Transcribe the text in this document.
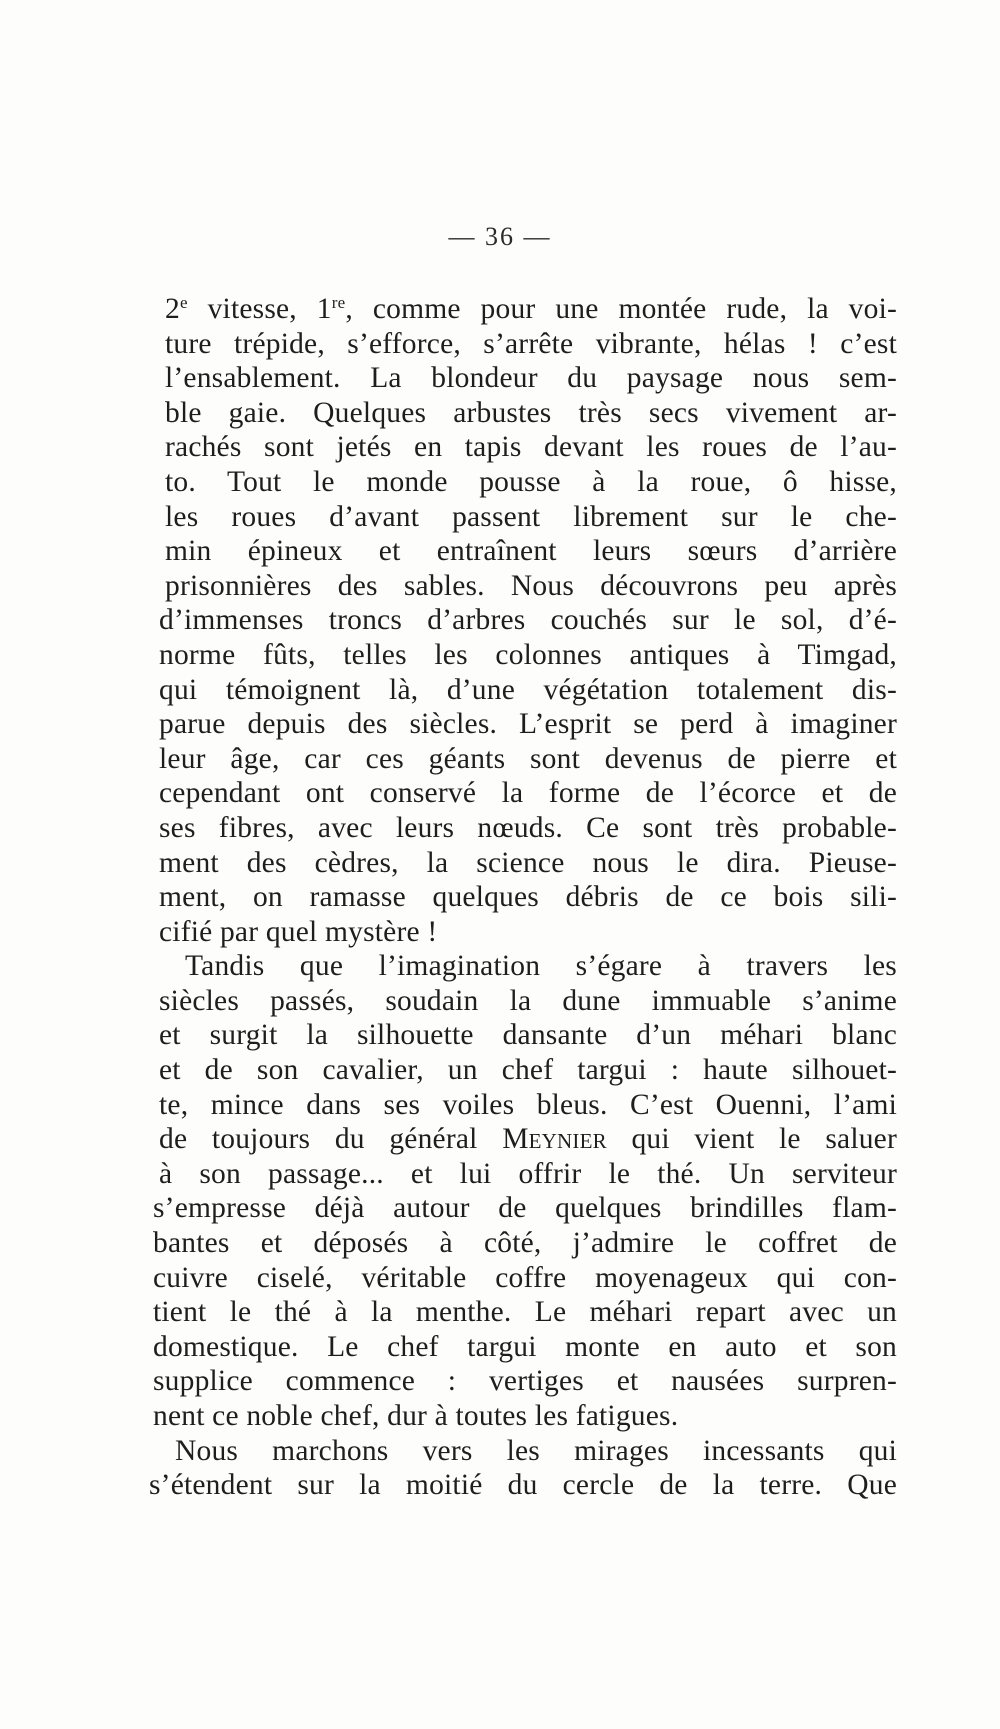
— 36 —
2e vitesse, 1re, comme pour une montée rude, la voi-
ture trépide, s’efforce, s’arrête vibrante, hélas ! c’est
l’ensablement. La blondeur du paysage nous sem-
ble gaie. Quelques arbustes très secs vivement ar-
rachés sont jetés en tapis devant les roues de l’au-
to. Tout le monde pousse à la roue, ô hisse,
les roues d’avant passent librement sur le che-
min épineux et entraînent leurs sœurs d’arrière
prisonnières des sables. Nous découvrons peu après
d’immenses troncs d’arbres couchés sur le sol, d’é-
norme fûts, telles les colonnes antiques à Timgad,
qui témoignent là, d’une végétation totalement dis-
parue depuis des siècles. L’esprit se perd à imaginer
leur âge, car ces géants sont devenus de pierre et
cependant ont conservé la forme de l’écorce et de
ses fibres, avec leurs nœuds. Ce sont très probable-
ment des cèdres, la science nous le dira. Pieuse-
ment, on ramasse quelques débris de ce bois sili-
cifié par quel mystère !
Tandis que l’imagination s’égare à travers les
siècles passés, soudain la dune immuable s’anime
et surgit la silhouette dansante d’un méhari blanc
et de son cavalier, un chef targui : haute silhouet-
te, mince dans ses voiles bleus. C’est Ouenni, l’ami
de toujours du général Meynier qui vient le saluer
à son passage... et lui offrir le thé. Un serviteur
s’empresse déjà autour de quelques brindilles flam-
bantes et déposés à côté, j’admire le coffret de
cuivre ciselé, véritable coffre moyenageux qui con-
tient le thé à la menthe. Le méhari repart avec un
domestique. Le chef targui monte en auto et son
supplice commence : vertiges et nausées surpren-
nent ce noble chef, dur à toutes les fatigues.
Nous marchons vers les mirages incessants qui
s’étendent sur la moitié du cercle de la terre. Que
